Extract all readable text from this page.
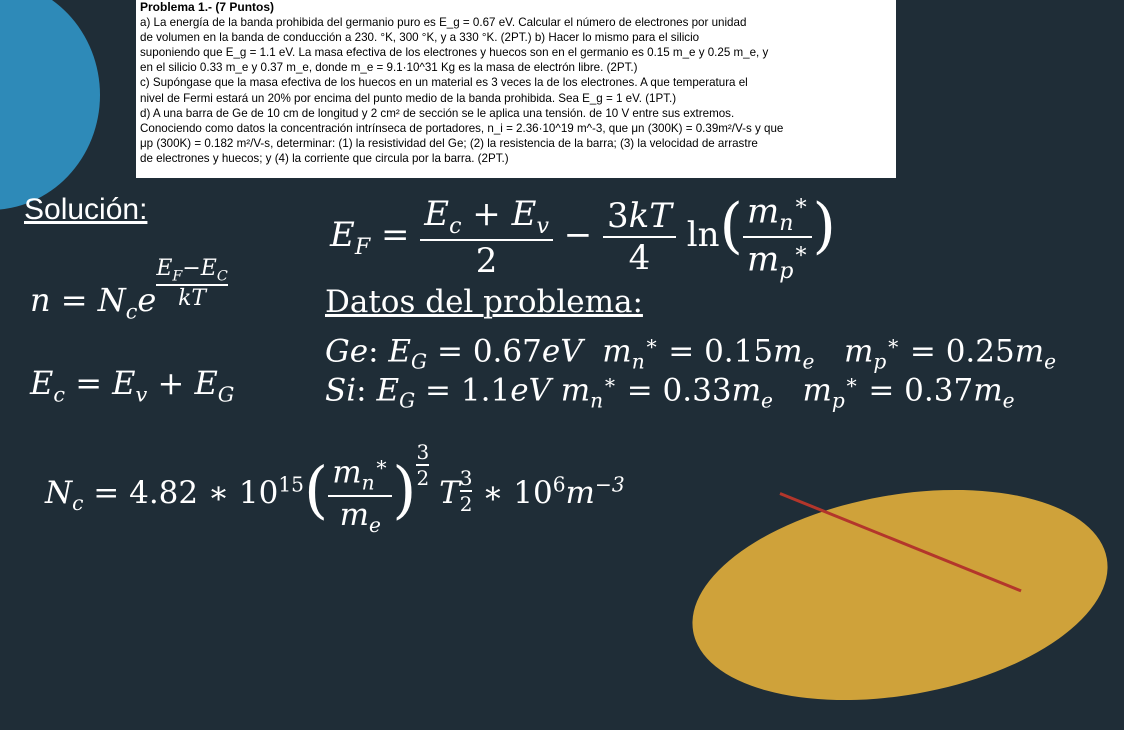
Problema 1.- (7 Puntos)
a) La energía de la banda prohibida del germanio puro es E_g = 0.67 eV. Calcular el número de electrones por unidad
de volumen en la banda de conducción a 230. °K, 300 °K, y a 330 °K. (2PT.) b) Hacer lo mismo para el silicio
suponiendo que E_g = 1.1 eV. La masa efectiva de los electrones y huecos son en el germanio es 0.15 m_e y 0.25 m_e, y
en el silicio 0.33 m_e y 0.37 m_e, donde m_e = 9.1·10^31 Kg es la masa de electrón libre. (2PT.)
c) Supóngase que la masa efectiva de los huecos en un material es 3 veces la de los electrones. A que temperatura el
nivel de Fermi estará un 20% por encima del punto medio de la banda prohibida. Sea E_g = 1 eV. (1PT.)
d) A una barra de Ge de 10 cm de longitud y 2 cm² de sección se le aplica una tensión. de 10 V entre sus extremos.
Conociendo como datos la concentración intrínseca de portadores, n_i = 2.36·10^19 m^-3, que μn (300K) = 0.39m²/V-s y que
μp (300K) = 0.182 m²/V-s, determinar: (1) la resistividad del Ge; (2) la resistencia de la barra; (3) la velocidad de arrastre
de electrones y huecos; y (4) la corriente que circula por la barra. (2PT.)
Solución:
$E_F = \frac{E_c + E_v}{2} - \frac{3kT}{4} \ln( \frac{m_n^∗}{m_p^∗}$ )
$n = N_ce \frac{E_F-E_C}{kT}$	Datos del problema:
Ge: $E_G = 0.67eV$  $m_n^∗ = 0.15m_e$   $m_p^∗ = 0.25m_e$
Si: $E_G = 1.1eV$ $m_n^∗ = 0.33m_e$   $m_p^∗ = 0.37m_e$
$E_c = E_v + E_G$
$N_c = 4.82$ ∗ $10^{15}( \frac{m_n^∗}{m_e}$ ) $\frac{3}{2}$
T $\frac{3}{2}$ ∗ $10^6m^{-3}$
